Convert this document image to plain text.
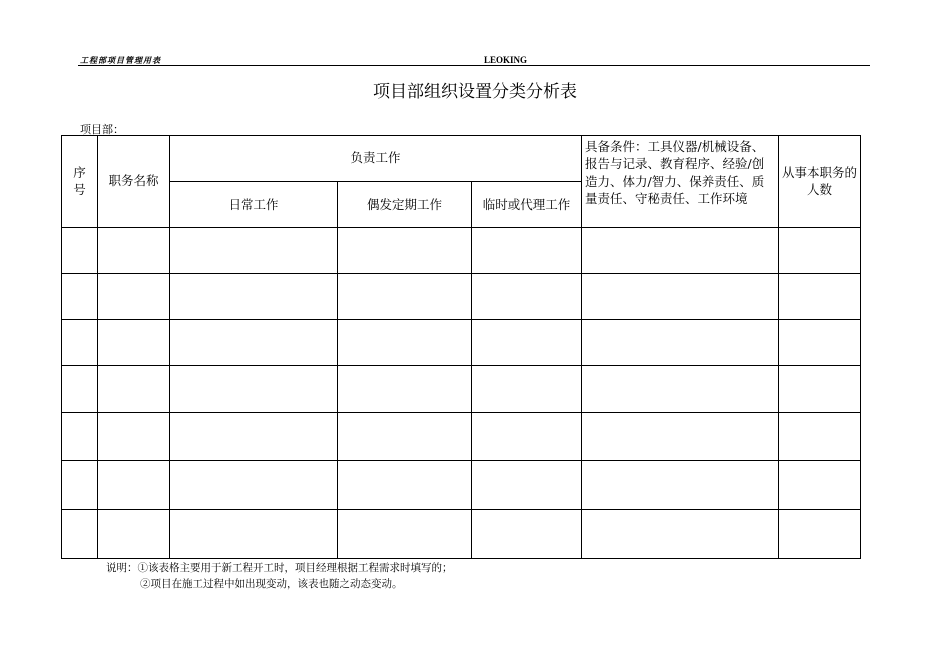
工程部项目管理用表	LEOKING
项目部组织设置分类分析表
项目部：
序号	职务名称	负责工作			具备条件：工具仪器/机械设备、报告与记录、教育程序、经验/创造力、体力/智力、保养责任、质量责任、守秘责任、工作环境	从事本职务的人数
		日常工作	偶发定期工作	临时或代理工作		

说明：①该表格主要用于新工程开工时，项目经理根据工程需求时填写的；
②项目在施工过程中如出现变动，该表也随之动态变动。
